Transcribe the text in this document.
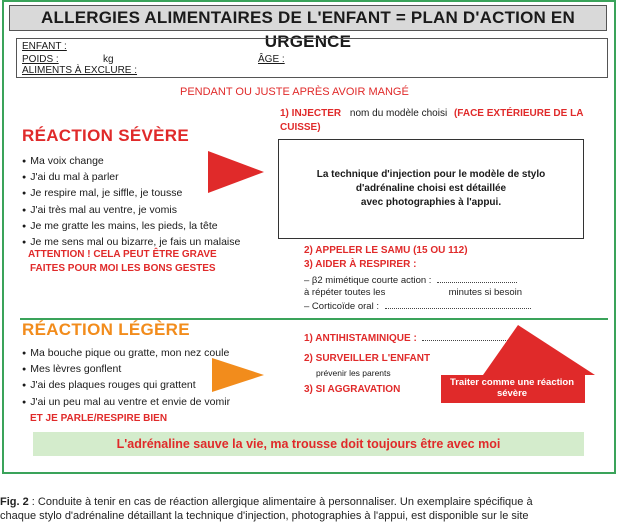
ALLERGIES ALIMENTAIRES DE L'ENFANT = PLAN D'ACTION EN URGENCE
ENFANT :
POIDS :	kg	ÂGE :
ALIMENTS À EXCLURE :
PENDANT OU JUSTE APRÈS AVOIR MANGÉ
RÉACTION SÉVÈRE
● Ma voix change
● J'ai du mal à parler
● Je respire mal, je siffle, je tousse
● J'ai très mal au ventre, je vomis
● Je me gratte les mains, les pieds, la tête
● Je me sens mal ou bizarre, je fais un malaise
ATTENTION ! CELA PEUT ÊTRE GRAVE
FAITES POUR MOI LES BONS GESTES
1) INJECTER nom du modèle choisi (FACE EXTÉRIEURE DE LA CUISSE)
La technique d'injection pour le modèle de stylo
d'adrénaline choisi est détaillée
avec photographies à l'appui.
2) APPELER LE SAMU (15 OU 112)
3) AIDER À RESPIRER :
– β2 mimétique courte action :
à répéter toutes les	minutes si besoin
– Corticoïde oral :
RÉACTION LÉGÈRE
● Ma bouche pique ou gratte, mon nez coule
● Mes lèvres gonflent
● J'ai des plaques rouges qui grattent
● J'ai un peu mal au ventre et envie de vomir
ET JE PARLE/RESPIRE BIEN
1) ANTIHISTAMINIQUE :
2) SURVEILLER L'ENFANT
prévenir les parents
3) SI AGGRAVATION
Traiter comme une réaction
sévère
L'adrénaline sauve la vie, ma trousse doit toujours être avec moi
Fig. 2 : Conduite à tenir en cas de réaction allergique alimentaire à personnaliser. Un exemplaire spécifique à
chaque stylo d'adrénaline détaillant la technique d'injection, photographies à l'appui, est disponible sur le site
